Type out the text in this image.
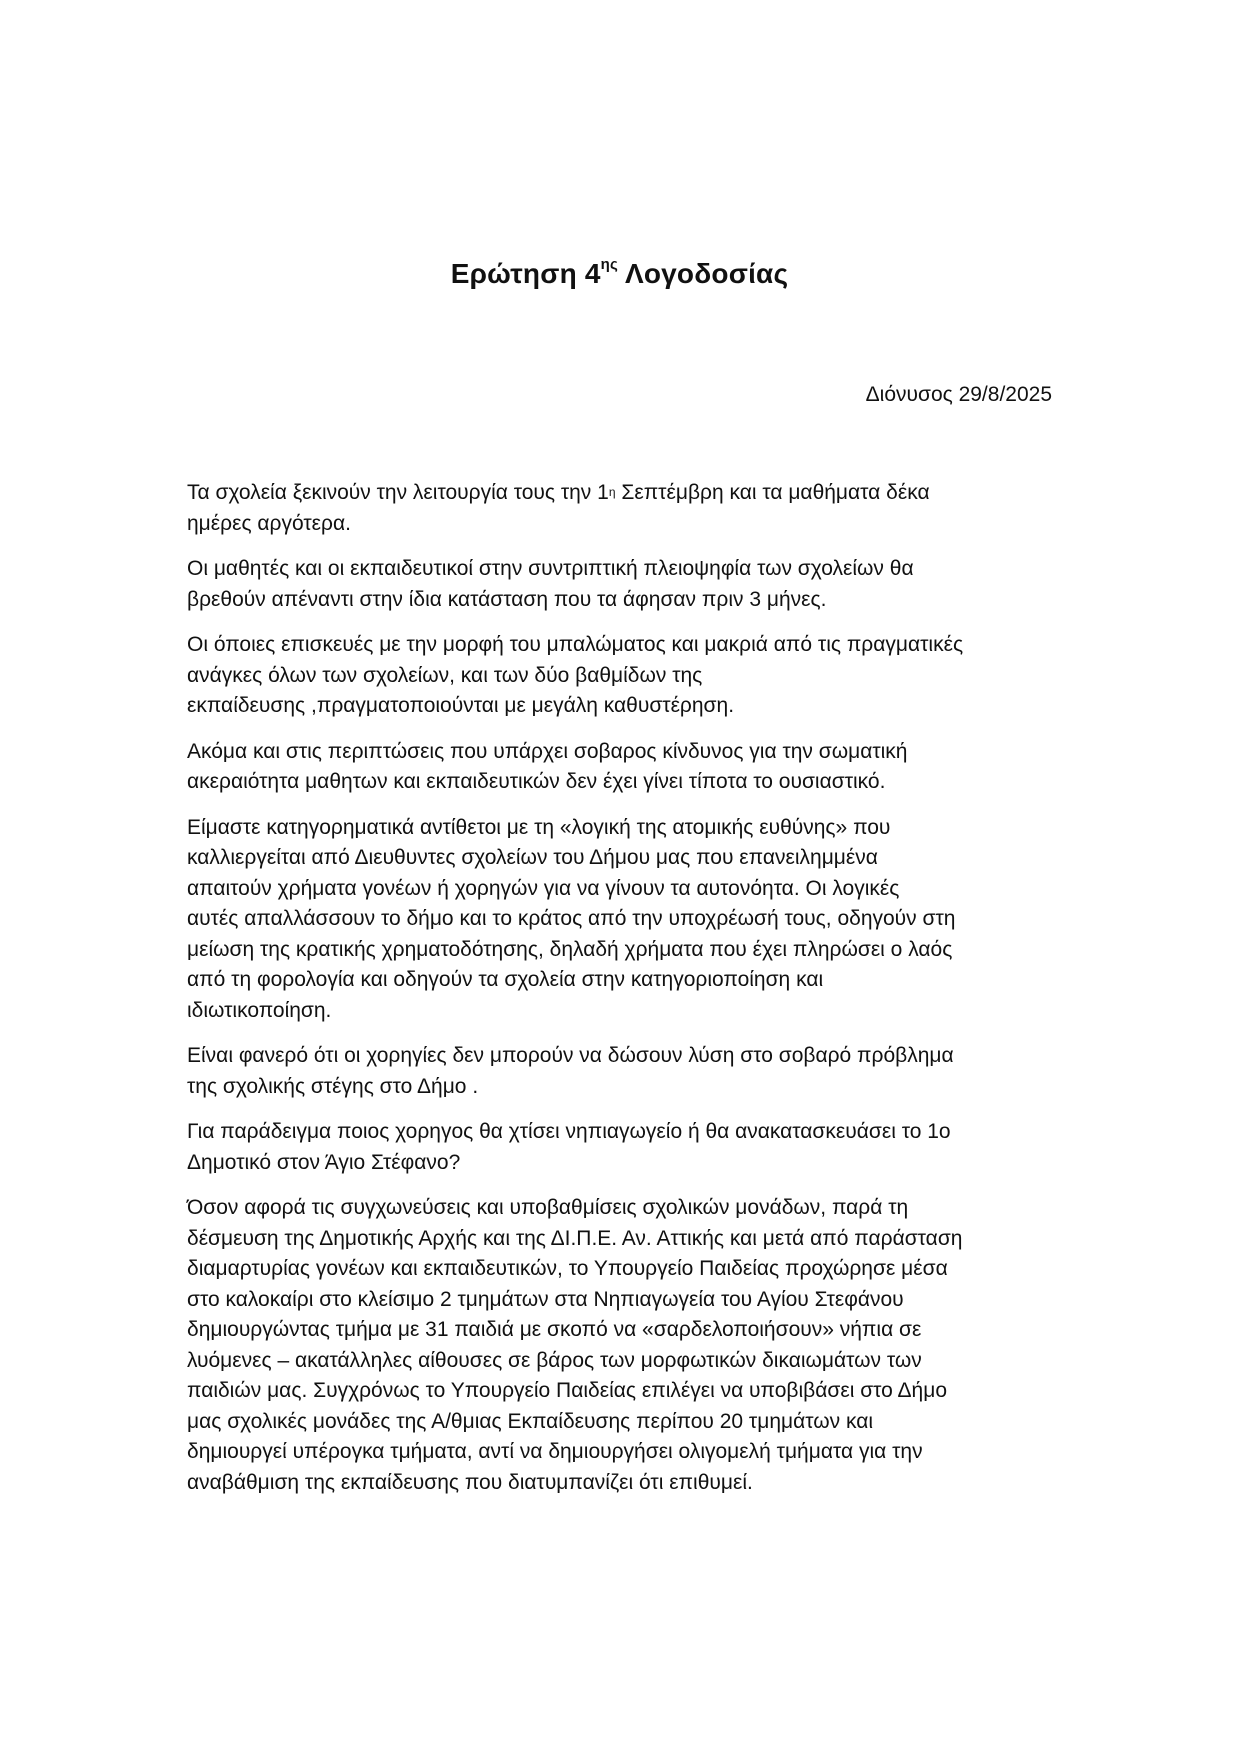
Ερώτηση $4^{\eta\varsigma}$ Λογοδοσίας

Διόνυσος 29/8/2025

Τα σχολεία ξεκινούν την λειτουργία τους την $1^\eta$ Σεπτέμβρη και τα μαθήματα δέκα
ημέρες αργότερα.

Οι μαθητές και οι εκπαιδευτικοί στην συντριπτική πλειοψηφία των σχολείων θα
βρεθούν απέναντι στην ίδια κατάσταση που τα άφησαν πριν 3 μήνες.

Οι όποιες επισκευές με την μορφή του μπαλώματος και μακριά από τις πραγματικές
ανάγκες όλων των σχολείων, και των δύο βαθμίδων της
εκπαίδευσης ,πραγματοποιούνται με μεγάλη καθυστέρηση.

Ακόμα και στις περιπτώσεις που υπάρχει σοβαρος κίνδυνος για την σωματική
ακεραιότητα μαθητων και εκπαιδευτικών δεν έχει γίνει τίποτα το ουσιαστικό.

Είμαστε κατηγορηματικά αντίθετοι με τη «λογική της ατομικής ευθύνης» που
καλλιεργείται από Διευθυντες σχολείων του Δήμου μας που επανειλημμένα
απαιτούν χρήματα γονέων ή χορηγών για να γίνουν τα αυτονόητα. Οι λογικές
αυτές απαλλάσσουν το δήμο και το κράτος από την υποχρέωσή τους, οδηγούν στη
μείωση της κρατικής χρηματοδότησης, δηλαδή χρήματα που έχει πληρώσει ο λαός
από τη φορολογία και οδηγούν τα σχολεία στην κατηγοριοποίηση και
ιδιωτικοποίηση.

Είναι φανερό ότι οι χορηγίες δεν μπορούν να δώσουν λύση στο σοβαρό πρόβλημα
της σχολικής στέγης στο Δήμο .

Για παράδειγμα ποιος χορηγος θα χτίσει νηπιαγωγείο ή θα ανακατασκευάσει το 1ο
Δημοτικό στον Άγιο Στέφανο?

Όσον αφορά τις συγχωνεύσεις και υποβαθμίσεις σχολικών μονάδων, παρά τη
δέσμευση της Δημοτικής Αρχής και της ΔΙ.Π.Ε. Αν. Αττικής και μετά από παράσταση
διαμαρτυρίας γονέων και εκπαιδευτικών, το Υπουργείο Παιδείας προχώρησε μέσα
στο καλοκαίρι στο κλείσιμο 2 τμημάτων στα Νηπιαγωγεία του Αγίου Στεφάνου
δημιουργώντας τμήμα με 31 παιδιά με σκοπό να «σαρδελοποιήσουν» νήπια σε
λυόμενες – ακατάλληλες αίθουσες σε βάρος των μορφωτικών δικαιωμάτων των
παιδιών μας. Συγχρόνως το Υπουργείο Παιδείας επιλέγει να υποβιβάσει στο Δήμο
μας σχολικές μονάδες της Α/θμιας Εκπαίδευσης περίπου 20 τμημάτων και
δημιουργεί υπέρογκα τμήματα, αντί να δημιουργήσει ολιγομελή τμήματα για την
αναβάθμιση της εκπαίδευσης που διατυμπανίζει ότι επιθυμεί.
